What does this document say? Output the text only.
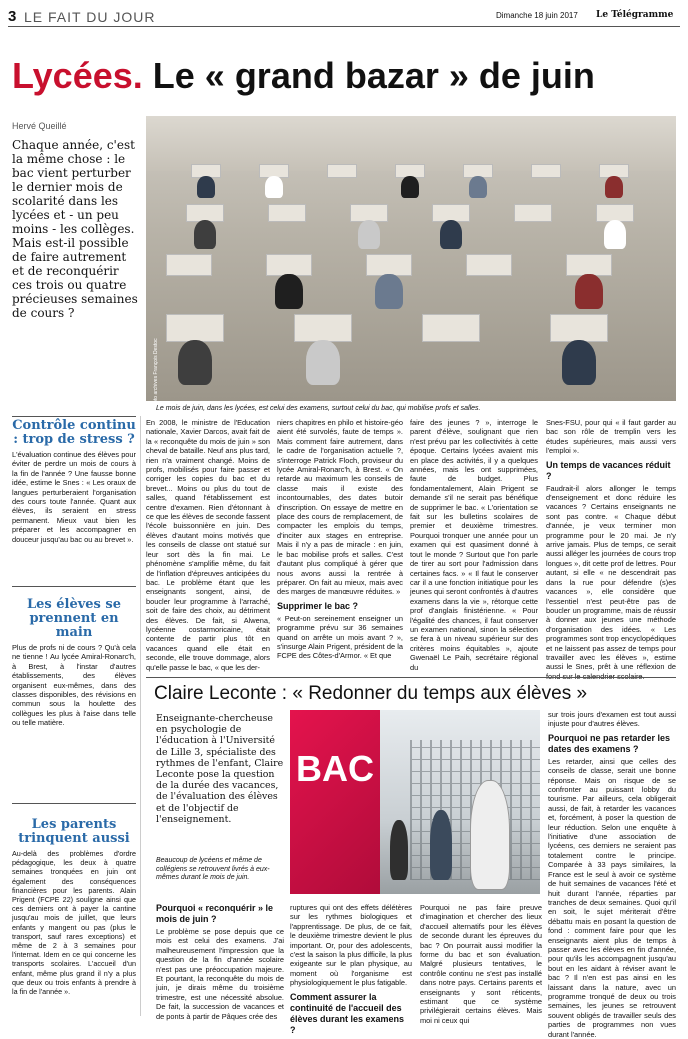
3 LE FAIT DU JOUR	Dimanche 18 juin 2017 Le Télégramme
Lycées. Le « grand bazar » de juin
Hervé Queillé
Chaque année, c'est la même chose : le bac vient perturber le dernier mois de scolarité dans les lycées et - un peu moins - les collèges. Mais est-il possible de faire autrement et de reconquérir ces trois ou quatre précieuses semaines de cours ?
Photo archives François Destoc
Le mois de juin, dans les lycées, est celui des examens, surtout celui du bac, qui mobilise profs et salles.
Contrôle continu : trop de stress ?
L'évaluation continue des élèves pour éviter de perdre un mois de cours à la fin de l'année ? Une fausse bonne idée, estime le Snes : « Les oraux de langues perturberaient l'organisation des cours toute l'année. Quant aux élèves, ils seraient en stress permanent. Mieux vaut bien les préparer et les accompagner en douceur jusqu'au bac ou au brevet ».
Les élèves se prennent en main
Plus de profs ni de cours ? Qu'à cela ne tienne ! Au lycée Amiral-Ronarc'h, à Brest, à l'instar d'autres établissements, des élèves organisent eux-mêmes, dans des classes disponibles, des révisions en commun sous la houlette des collègues les plus à l'aise dans telle ou telle matière.
Les parents trinquent aussi
Au-delà des problèmes d'ordre pédagogique, les deux à quatre semaines tronquées en juin ont également des conséquences financières pour les parents. Alain Prigent (FCPE 22) souligne ainsi que ces derniers ont à payer la cantine jusqu'au mois de juillet, que leurs enfants y mangent ou pas (plus le transport, sauf rares exceptions) et même de 2 à 3 semaines pour l'internat. Idem en ce qui concerne les transports scolaires. L'accueil d'un enfant, même plus grand il n'y a plus que deux ou trois enfants à prendre à la fin de l'année ».
En 2008, le ministre de l'Education nationale, Xavier Darcos, avait fait de la « reconquête du mois de juin » son cheval de bataille. Neuf ans plus tard, rien n'a vraiment changé. Moins de profs, mobilisés pour faire passer et corriger les copies du bac et du brevet... Moins ou plus du tout de salles, quand l'établissement est centre d'examen. Rien d'étonnant à ce que les élèves de seconde fassent l'école buissonnière en juin. Des élèves d'autant moins motivés que les conseils de classe ont statué sur leur sort dès la fin mai. Le phénomène s'amplifie même, du fait de l'inflation d'épreuves anticipées du bac. Le problème étant que les enseignants songent, ainsi, de boucler leur programme à l'arraché, soit de faire des choix, au détriment des élèves. De fait, si Alwena, lycéenne costarmoricaine, était contente de partir plus tôt en vacances quand elle était en seconde, elle trouve dommage, alors qu'elle passe le bac, « que les der-
niers chapitres en philo et histoire-géo aient été survolés, faute de temps ». Mais comment faire autrement, dans le cadre de l'organisation actuelle ?, s'interroge Patrick Floch, proviseur du lycée Amiral-Ronarc'h, à Brest. « On retarde au maximum les conseils de classe mais il existe des incontournables, des dates butoir d'inscription. On essaye de mettre en place des cours de remplacement, de compacter les emplois du temps, d'inciter aux stages en entreprise. Mais il n'y a pas de miracle : en juin, le bac mobilise profs et salles. C'est d'autant plus compliqué à gérer que nous avons aussi la rentrée à préparer. On fait au mieux, mais avec des marges de manœuvre réduites. »
Supprimer le bac ?
« Peut-on sereinement enseigner un programme prévu sur 36 semaines quand on arrête un mois avant ? », s'insurge Alain Prigent, président de la FCPE des Côtes-d'Armor. « Et que
faire des jeunes ? », interroge le parent d'élève, soulignant que rien n'est prévu par les collectivités à cette époque. Certains lycées avaient mis en place des activités, il y a quelques années, mais les ont supprimées, faute de budget. Plus fondamentalement, Alain Prigent se demande s'il ne serait pas bénéfique de supprimer le bac. « L'orientation se fait sur les bulletins scolaires de premier et deuxième trimestres. Pourquoi tronquer une année pour un examen qui est quasiment donné à tout le monde ? Surtout que l'on parle de tirer au sort pour l'admission dans certaines facs. » « Il faut le conserver car il a une fonction initiatique pour les jeunes qui seront confrontés à d'autres examens dans la vie », rétorque cette prof d'anglais finistérienne. « Pour l'égalité des chances, il faut conserver un examen national, sinon la sélection se fera à un niveau supérieur sur des critères moins équitables », ajoute Gwenaël Le Paih, secrétaire régional du
Snes-FSU, pour qui « il faut garder au bac son rôle de tremplin vers les études supérieures, mais aussi vers l'emploi ».
Un temps de vacances réduit ?
Faudrait-il alors allonger le temps d'enseignement et donc réduire les vacances ? Certains enseignants ne sont pas contre. « Chaque début d'année, je veux terminer mon programme pour le 20 mai. Je n'y arrive jamais. Plus de temps, ce serait aussi alléger les journées de cours trop longues », dit cette prof de lettres. Pour autant, si elle « ne descendrait pas dans la rue pour défendre (s)es vacances », elle considère que l'essentiel n'est peut-être pas de boucler un programme, mais de réussir à donner aux jeunes une méthode d'organisation des idées. « Les programmes sont trop encyclopédiques et ne laissent pas assez de temps pour travailler avec les élèves », estime aussi le Snes, prêt à une réflexion de
Claire Leconte : « Redonner du temps aux élèves »
Enseignante-chercheuse en psychologie de l'éducation à l'Université de Lille 3, spécialiste des rythmes de l'enfant, Claire Leconte pose la question de la durée des vacances, de l'évaluation des élèves et de l'objectif de l'enseignement.
Beaucoup de lycéens et même de collégiens se retrouvent livrés à eux-mêmes durant le mois de juin.
BAC
Photo archives Claude Prigent
Pourquoi « reconquérir » le mois de juin ?
Le problème se pose depuis que ce mois est celui des examens. J'ai malheureusement l'impression que la question de la fin d'année scolaire n'est pas une préoccupation majeure. Et pourtant, la reconquête du mois de juin, je dirais même du troisième trimestre, est une nécessité absolue. De fait, la succession de vacances et de ponts à partir de Pâques crée des
ruptures qui ont des effets délétères sur les rythmes biologiques et l'apprentissage. De plus, de ce fait, le deuxième trimestre devient le plus important. Or, pour des adolescents, c'est la saison la plus difficile, la plus exigeante sur le plan physique, au moment où l'organisme est physiologiquement le plus fatigable.
Comment assurer la continuité de l'accueil des élèves durant les examens ?
Pourquoi ne pas faire preuve d'imagination et chercher des lieux d'accueil alternatifs pour les élèves de seconde durant les épreuves du bac ? On pourrait aussi modifier la forme du bac et son évaluation. Malgré plusieurs tentatives, le contrôle continu ne s'est pas installé dans notre pays. Certains parents et enseignants y sont réticents, estimant que ce système privilégierait certains élèves. Mais moi ni ceux qui
sur trois jours d'examen est tout aussi injuste pour d'autres élèves.
Pourquoi ne pas retarder les dates des examens ?
Les retarder, ainsi que celles des conseils de classe, serait une bonne réponse. Mais on risque de se confronter au puissant lobby du tourisme. Par ailleurs, cela obligerait aussi, de fait, à retarder les vacances et, forcément, à poser la question de leur réduction. Selon une enquête à l'initiative d'une association de lycéens, ces derniers ne seraient pas totalement contre le principe. Comparée à 33 pays similaires, la France est le seul à avoir ce système de huit semaines de vacances l'été et huit durant l'année, réparties par tranches de deux semaines. Quoi qu'il en soit, le sujet mériterait d'être débattu mais en posant la question de fond : comment faire pour que les enseignants aient plus de temps à passer avec les élèves en fin d'année, pour qu'ils les accompagnent jusqu'au bout en les aidant à réviser avant le bac ? Il n'en est pas ainsi en les laissant dans la nature, avec un programme tronqué de deux ou trois semaines, les jeunes se retrouvent souvent obligés de travailler seuls des parties de programmes non vues durant l'année.
